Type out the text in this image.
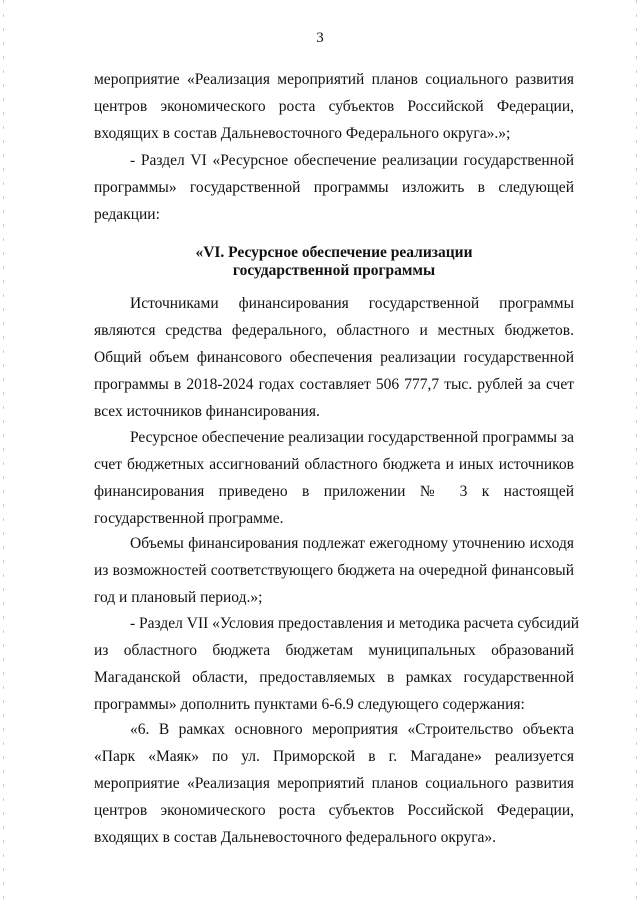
3
мероприятие «Реализация мероприятий планов социального развития
центров экономического роста субъектов Российской Федерации,
входящих в состав Дальневосточного Федерального округа».»;
- Раздел VI «Ресурсное обеспечение реализации государственной
программы» государственной программы изложить в следующей
редакции:
«VI. Ресурсное обеспечение реализации
государственной программы
Источниками финансирования государственной программы
являются средства федерального, областного и местных бюджетов.
Общий объем финансового обеспечения реализации государственной
программы в 2018-2024 годах составляет 506 777,7 тыс. рублей за счет
всех источников финансирования.
Ресурсное обеспечение реализации государственной программы за
счет бюджетных ассигнований областного бюджета и иных источников
финансирования приведено в приложении № 3 к настоящей
государственной программе.
Объемы финансирования подлежат ежегодному уточнению исходя
из возможностей соответствующего бюджета на очередной финансовый
год и плановый период.»;
- Раздел VII «Условия предоставления и методика расчета субсидий
из областного бюджета бюджетам муниципальных образований
Магаданской области, предоставляемых в рамках государственной
программы» дополнить пунктами 6-6.9 следующего содержания:
«6. В рамках основного мероприятия «Строительство объекта
«Парк «Маяк» по ул. Приморской в г. Магадане» реализуется
мероприятие «Реализация мероприятий планов социального развития
центров экономического роста субъектов Российской Федерации,
входящих в состав Дальневосточного федерального округа».
